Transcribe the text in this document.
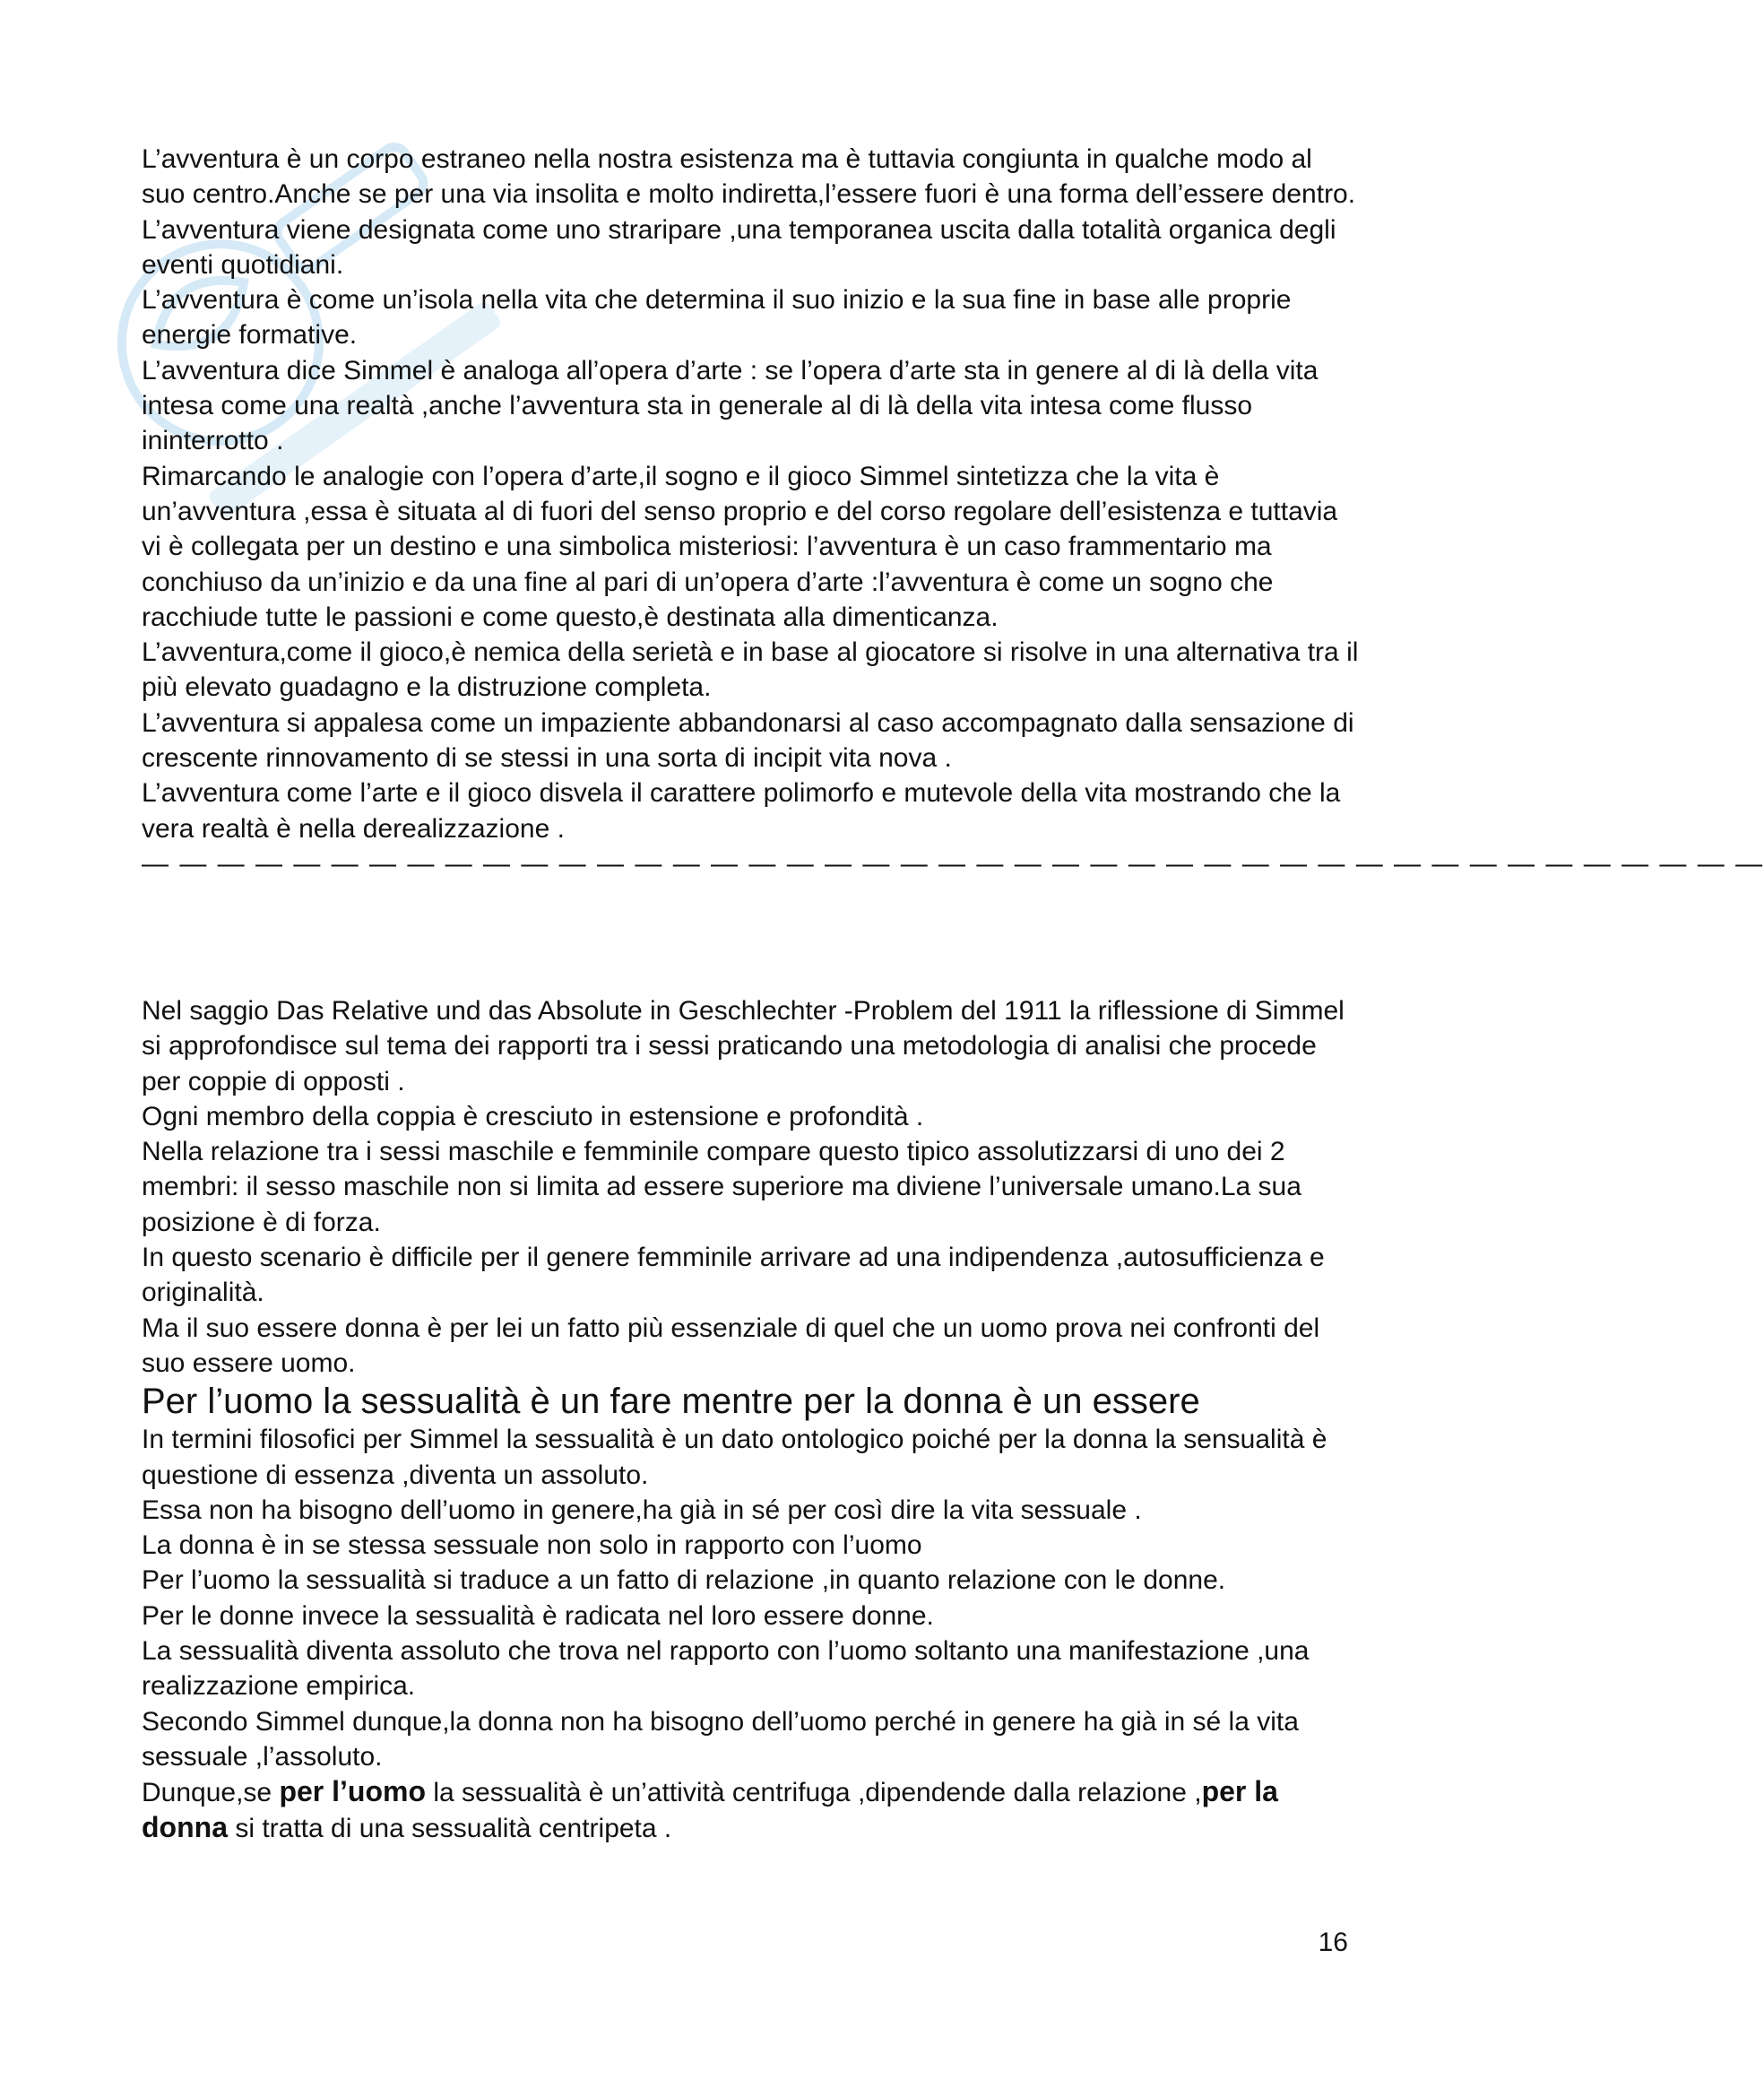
L’avventura è un corpo estraneo nella nostra esistenza ma è tuttavia congiunta in qualche modo al suo centro.Anche se per una via insolita e molto indiretta,l’essere fuori è una forma dell’essere dentro.

L’avventura viene designata come uno straripare ,una temporanea uscita dalla totalità organica degli eventi quotidiani.

L’avventura è come un’isola nella vita che determina il suo inizio e la sua fine in base alle proprie energie formative.

L’avventura dice Simmel è analoga all’opera d’arte : se l’opera d’arte sta in genere al di là della vita intesa come una realtà ,anche l’avventura sta in generale al di là della vita intesa come flusso ininterrotto .

Rimarcando le analogie con l’opera d’arte,il sogno e il gioco Simmel sintetizza che la vita è un’avventura ,essa è situata al di fuori del senso proprio e del corso regolare dell’esistenza e tuttavia vi è collegata per un destino e una simbolica misteriosi: l’avventura è un caso frammentario ma conchiuso da un’inizio e da una fine al pari di un’opera d’arte :l’avventura è come un sogno che racchiude tutte le passioni e come questo,è destinata alla dimenticanza.

L’avventura,come il gioco,è nemica della serietà e in base al giocatore si risolve in una alternativa tra il più elevato guadagno e la distruzione completa.

L’avventura si appalesa come un impaziente abbandonarsi al caso accompagnato dalla sensazione di crescente rinnovamento di se stessi in una sorta di incipit vita nova .

L’avventura come l’arte e il gioco disvela il carattere polimorfo e mutevole della vita mostrando che la vera realtà è nella derealizzazione .

— — — — — — — — — — — — — — — — — — — — — — — — — — — — — — — — — — — — — — — — — — —

Nel saggio Das Relative und das Absolute in Geschlechter -Problem del 1911 la riflessione di Simmel si approfondisce sul tema dei rapporti tra i sessi praticando una metodologia di analisi che procede per coppie di opposti .

Ogni membro della coppia è cresciuto in estensione e profondità .

Nella relazione tra i sessi maschile e femminile compare questo tipico assolutizzarsi di uno dei 2 membri: il sesso maschile non si limita ad essere superiore ma diviene l’universale umano.La sua posizione è di forza.

In questo scenario è difficile per il genere femminile arrivare ad una indipendenza ,autosufficienza e originalità.

Ma il suo essere donna è per lei un fatto più essenziale di quel che un uomo prova nei confronti del suo essere uomo.

Per l’uomo la sessualità è un fare mentre per la donna è un essere

In termini filosofici per Simmel la sessualità è un dato ontologico poiché per la donna la sensualità è questione di essenza ,diventa un assoluto.

Essa non ha bisogno dell’uomo in genere,ha già in sé per così dire la vita sessuale .

La donna è in se stessa sessuale non solo in rapporto con l’uomo

Per l’uomo la sessualità si traduce a un fatto di relazione ,in quanto relazione con le donne.

Per le donne invece la sessualità è radicata nel loro essere donne.

La sessualità diventa assoluto che trova nel rapporto con l’uomo soltanto una manifestazione ,una realizzazione empirica.

Secondo Simmel dunque,la donna non ha bisogno dell’uomo perché in genere ha già in sé la vita sessuale ,l’assoluto.

Dunque,se per l’uomo la sessualità è un’attività centrifuga ,dipendende dalla relazione ,per la donna si tratta di una sessualità centripeta .

16
